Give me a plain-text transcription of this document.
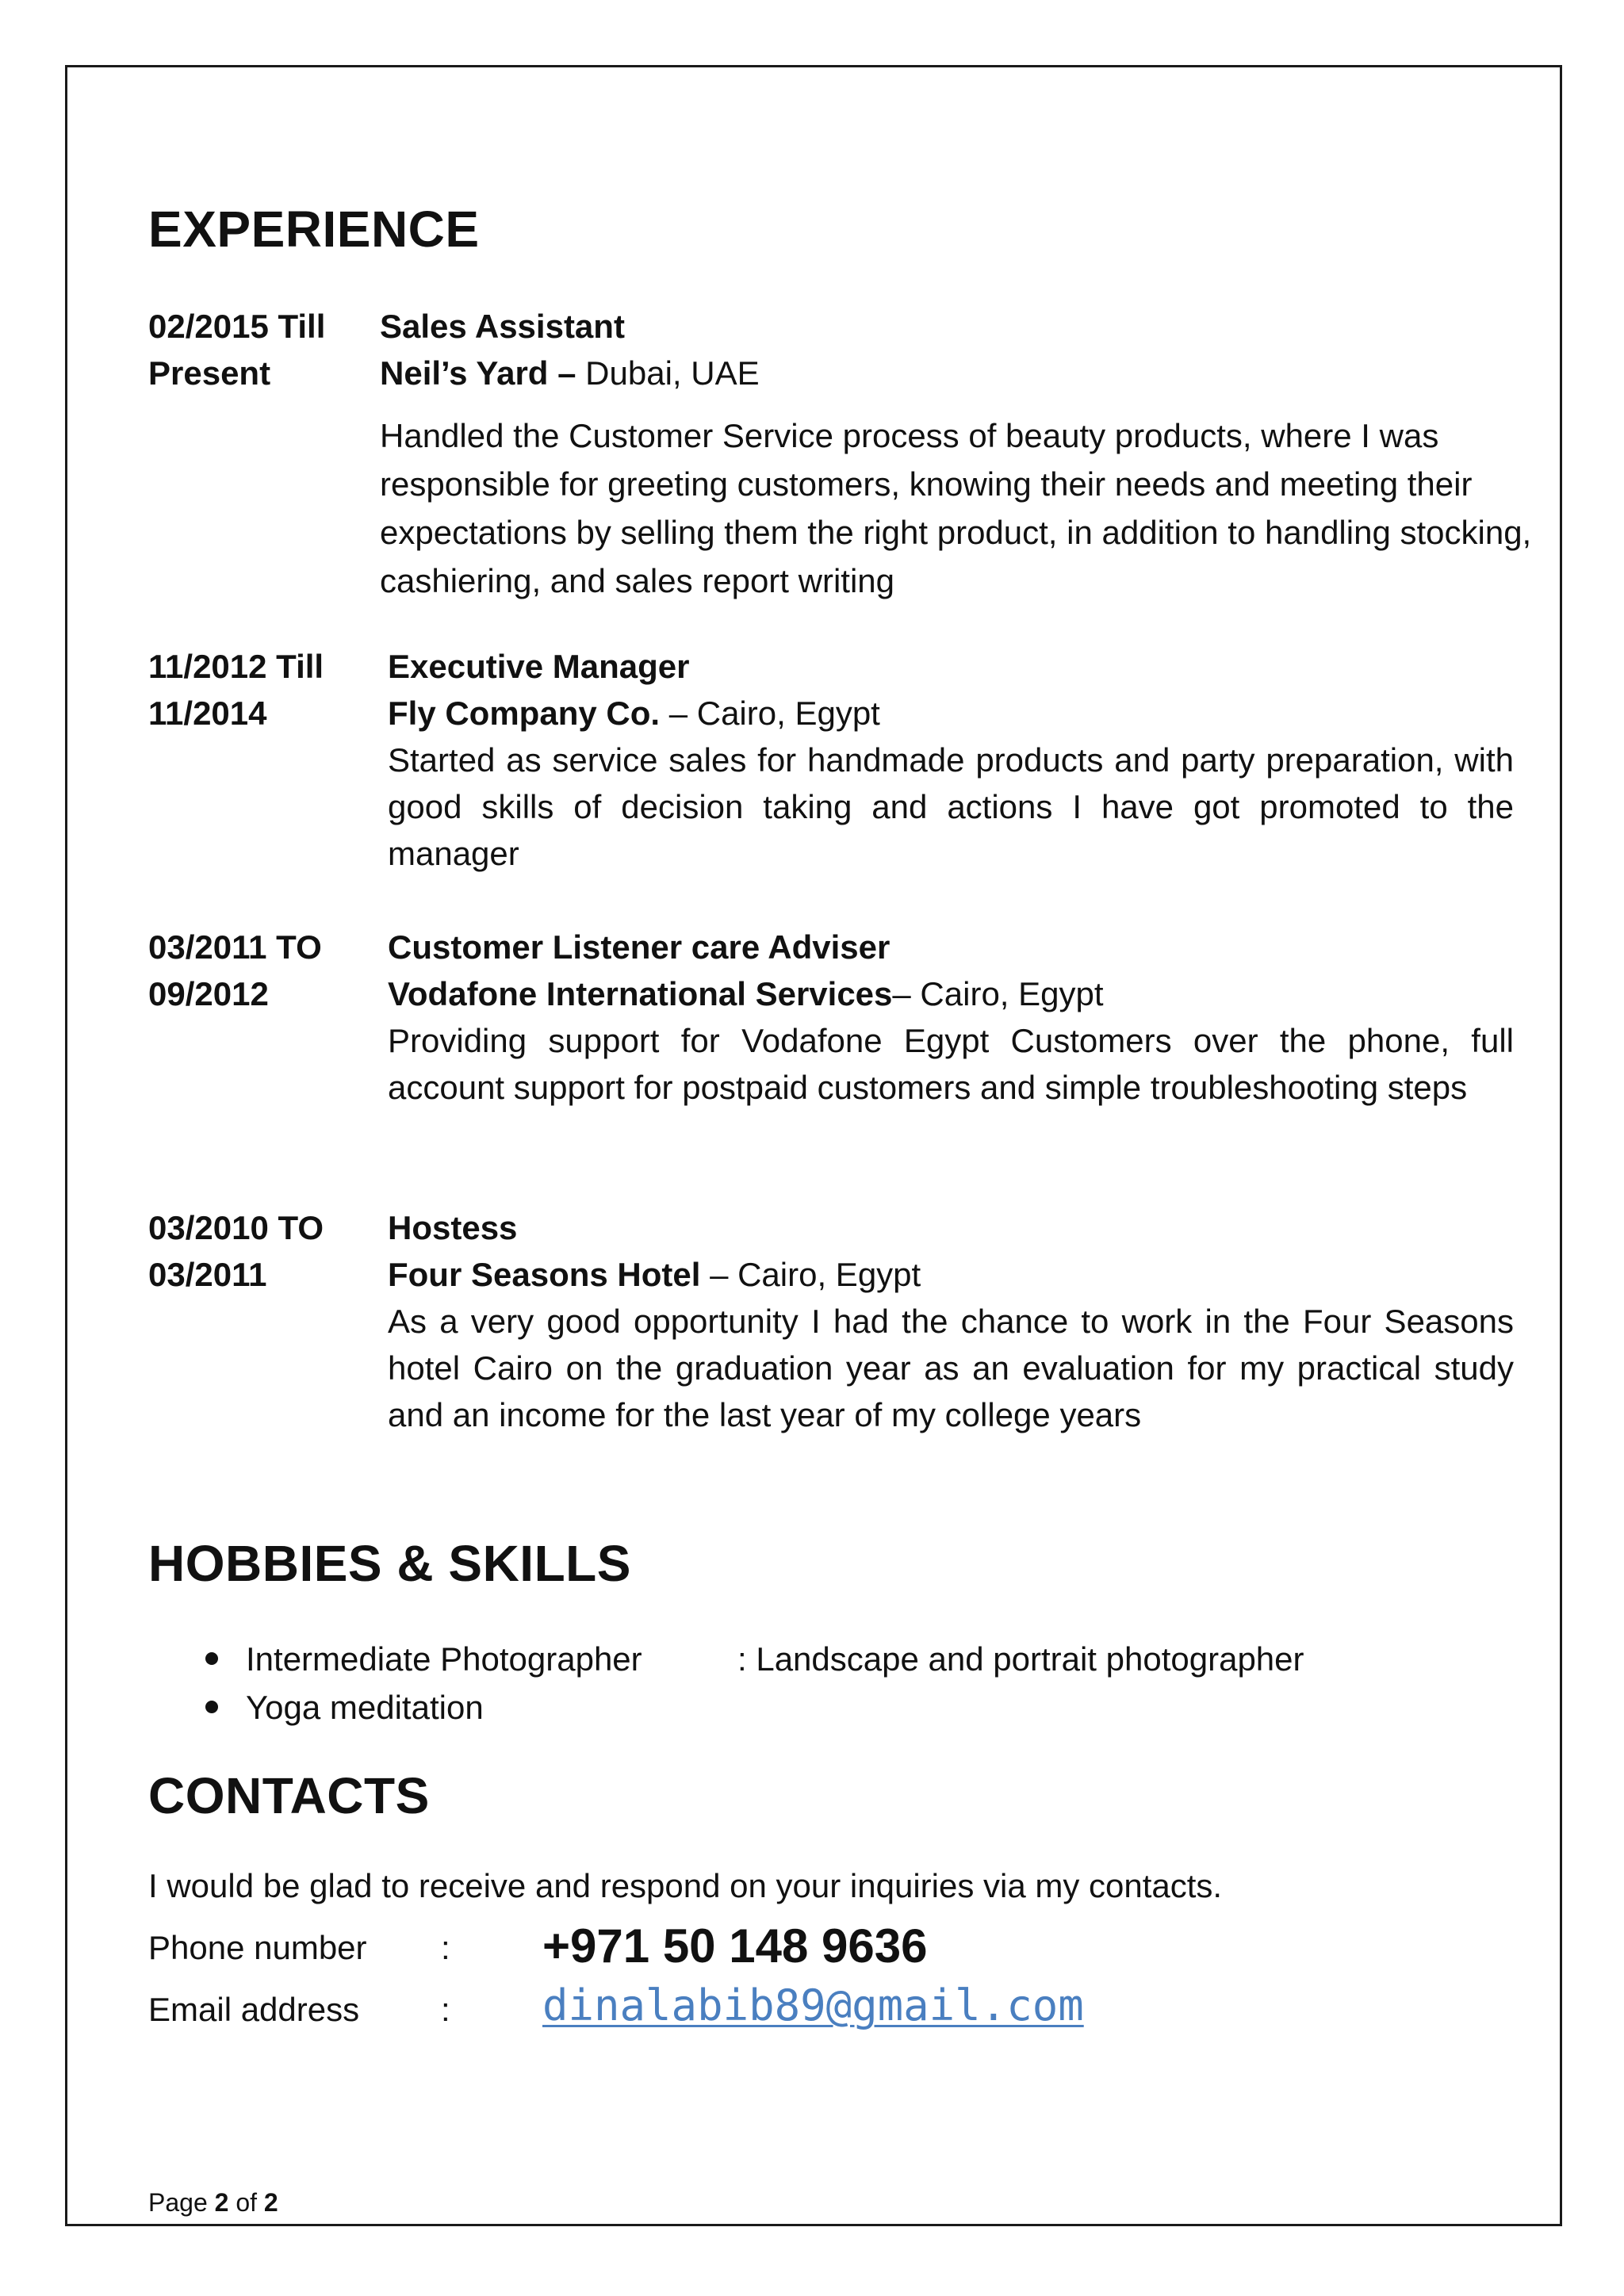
EXPERIENCE
02/2015 Till
Present
Sales Assistant
Neil’s Yard – Dubai, UAE
Handled the Customer Service process of beauty products, where I was responsible for greeting customers, knowing their needs and meeting their expectations by selling them the right product, in addition to handling stocking, cashiering, and sales report writing
11/2012 Till
11/2014
Executive Manager
Fly Company Co. – Cairo, Egypt
Started as service sales for handmade products and party preparation, with good skills of decision taking and actions I have got promoted to the manager
03/2011 TO
09/2012
Customer Listener care Adviser
Vodafone International Services– Cairo, Egypt
Providing support for Vodafone Egypt Customers over the phone, full account support for postpaid customers and simple troubleshooting steps
03/2010 TO
03/2011
Hostess
Four Seasons Hotel – Cairo, Egypt
As a very good opportunity I had the chance to work in the Four Seasons hotel Cairo on the graduation year as an evaluation for my practical study and an income for the last year of my college years
HOBBIES & SKILLS
Intermediate Photographer	: Landscape and portrait photographer
Yoga meditation
CONTACTS
I would be glad to receive and respond on your inquiries via my contacts.
Phone number : +971 50 148 9636
Email address : dinalabib89@gmail.com
Page 2 of 2
